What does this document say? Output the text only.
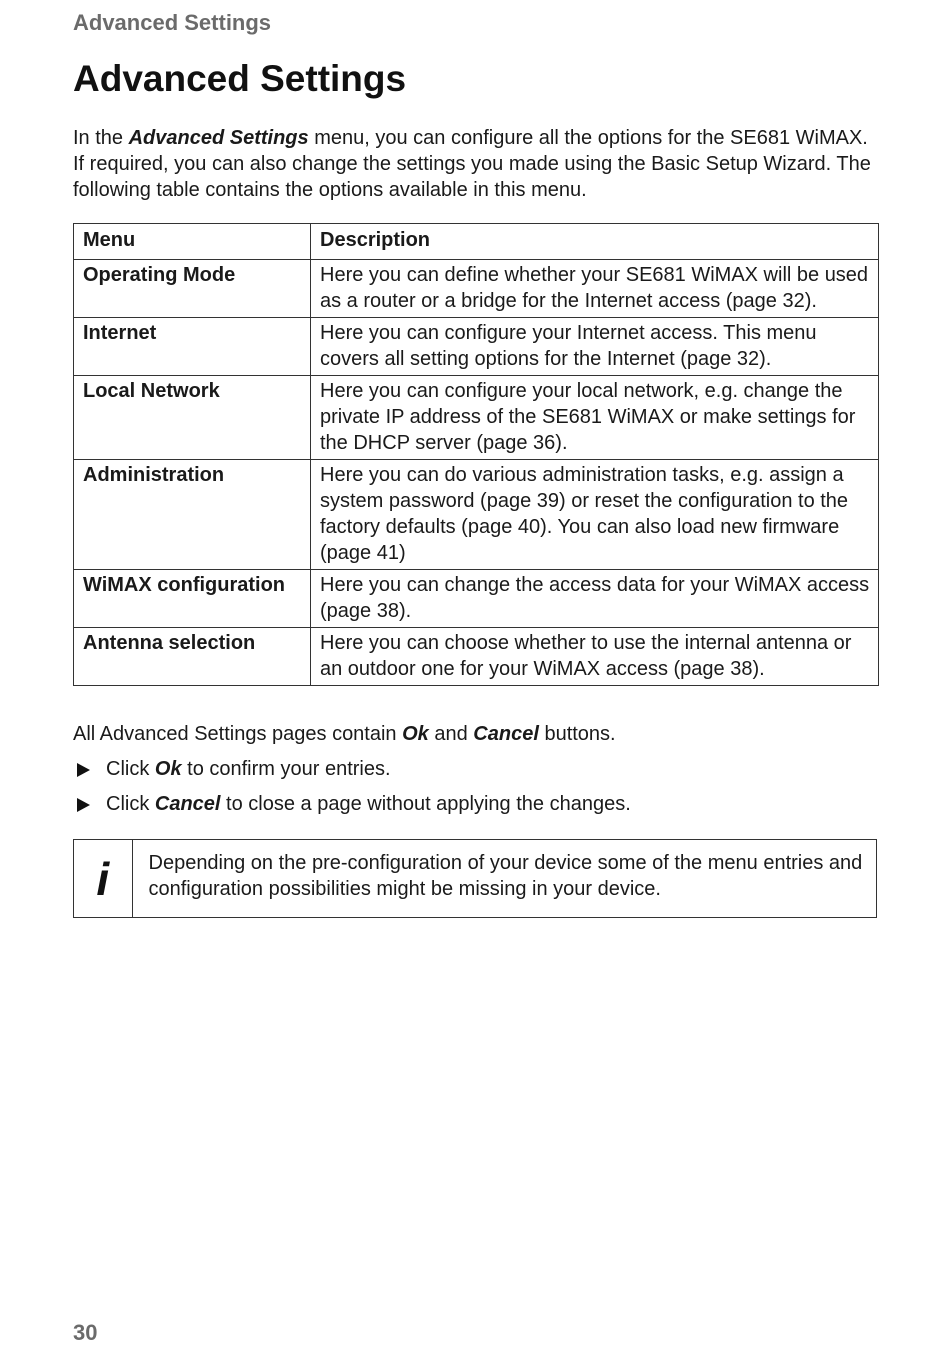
Advanced Settings
Advanced Settings

In the Advanced Settings menu, you can configure all the options for the SE681 WiMAX. If required, you can also change the settings you made using the Basic Setup Wizard. The following table contains the options available in this menu.

Menu	Description
Operating Mode	Here you can define whether your SE681 WiMAX will be used as a router or a bridge for the Internet access (page 32).
Internet	Here you can configure your Internet access. This menu covers all setting options for the Internet (page 32).
Local Network	Here you can configure your local network, e.g. change the private IP address of the SE681 WiMAX or make settings for the DHCP server (page 36).
Administration	Here you can do various administration tasks, e.g. assign a system password (page 39) or reset the configuration to the factory defaults (page 40). You can also load new firmware (page 41)
WiMAX configuration	Here you can change the access data for your WiMAX access (page 38).
Antenna selection	Here you can choose whether to use the internal antenna or an outdoor one for your WiMAX access (page 38).

All Advanced Settings pages contain Ok and Cancel buttons.

Click Ok to confirm your entries.
Click Cancel to close a page without applying the changes.
i	Depending on the pre-configuration of your device some of the menu entries and configuration possibilities might be missing in your device.
30
